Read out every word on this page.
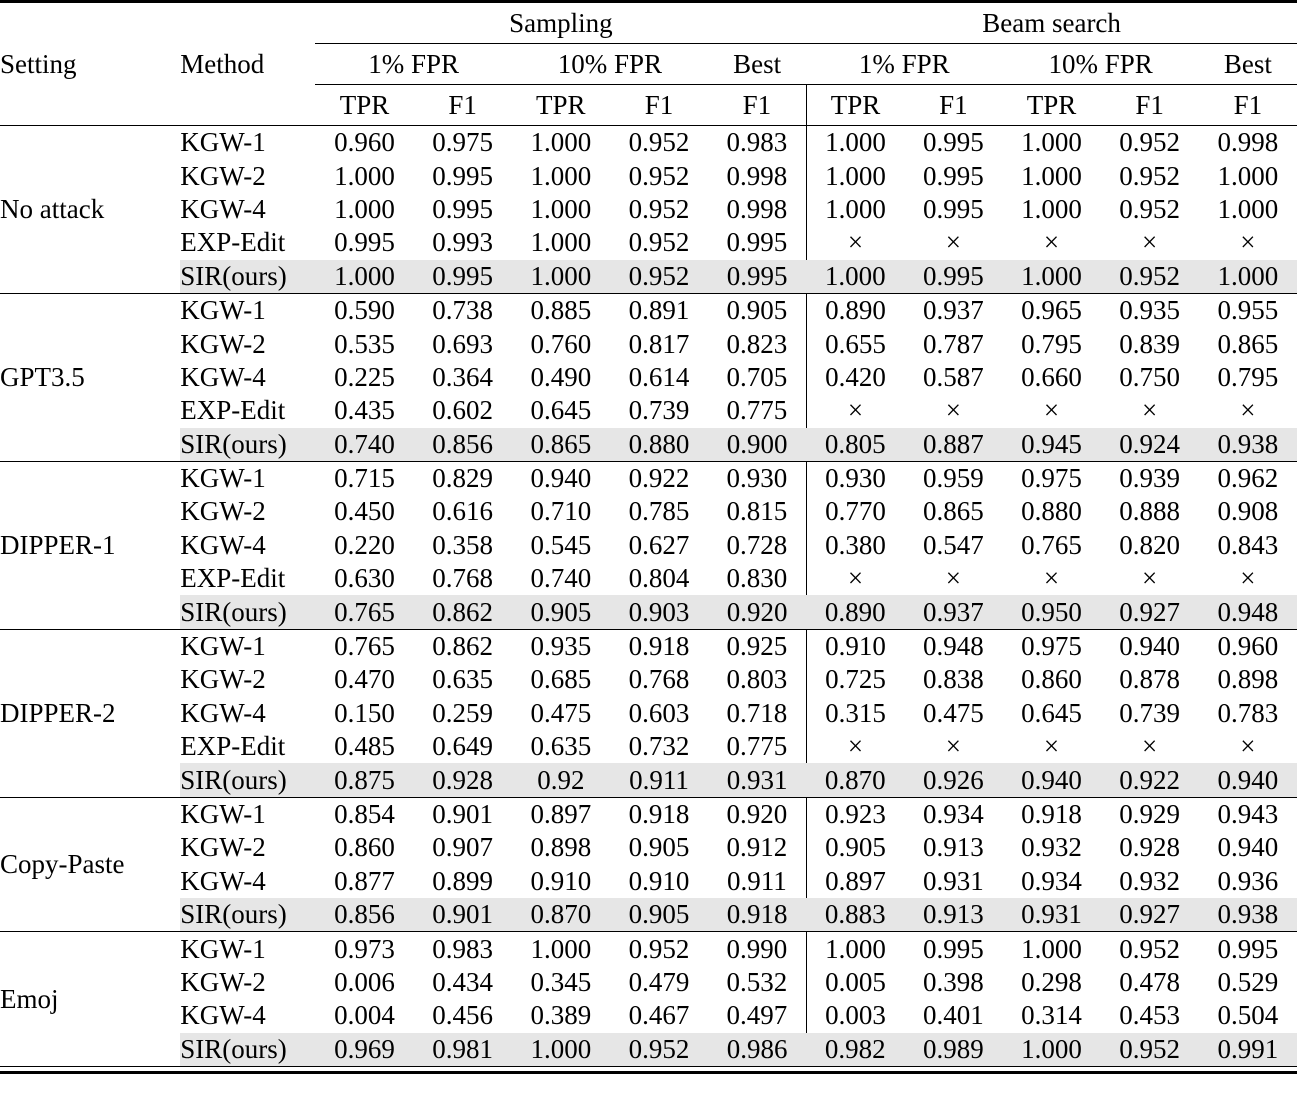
Setting	Method	Sampling					Beam search				
		1% FPR		10% FPR		Best	1% FPR		10% FPR		Best
		TPR	F1	TPR	F1	F1	TPR	F1	TPR	F1	F1

No attack	KGW-1	0.960	0.975	1.000	0.952	0.983	1.000	0.995	1.000	0.952	0.998
	KGW-2	1.000	0.995	1.000	0.952	0.998	1.000	0.995	1.000	0.952	1.000
	KGW-4	1.000	0.995	1.000	0.952	0.998	1.000	0.995	1.000	0.952	1.000
	EXP-Edit	0.995	0.993	1.000	0.952	0.995	×	×	×	×	×
	SIR(ours)	1.000	0.995	1.000	0.952	0.995	1.000	0.995	1.000	0.952	1.000

GPT3.5	KGW-1	0.590	0.738	0.885	0.891	0.905	0.890	0.937	0.965	0.935	0.955
	KGW-2	0.535	0.693	0.760	0.817	0.823	0.655	0.787	0.795	0.839	0.865
	KGW-4	0.225	0.364	0.490	0.614	0.705	0.420	0.587	0.660	0.750	0.795
	EXP-Edit	0.435	0.602	0.645	0.739	0.775	×	×	×	×	×
	SIR(ours)	0.740	0.856	0.865	0.880	0.900	0.805	0.887	0.945	0.924	0.938

DIPPER-1	KGW-1	0.715	0.829	0.940	0.922	0.930	0.930	0.959	0.975	0.939	0.962
	KGW-2	0.450	0.616	0.710	0.785	0.815	0.770	0.865	0.880	0.888	0.908
	KGW-4	0.220	0.358	0.545	0.627	0.728	0.380	0.547	0.765	0.820	0.843
	EXP-Edit	0.630	0.768	0.740	0.804	0.830	×	×	×	×	×
	SIR(ours)	0.765	0.862	0.905	0.903	0.920	0.890	0.937	0.950	0.927	0.948

DIPPER-2	KGW-1	0.765	0.862	0.935	0.918	0.925	0.910	0.948	0.975	0.940	0.960
	KGW-2	0.470	0.635	0.685	0.768	0.803	0.725	0.838	0.860	0.878	0.898
	KGW-4	0.150	0.259	0.475	0.603	0.718	0.315	0.475	0.645	0.739	0.783
	EXP-Edit	0.485	0.649	0.635	0.732	0.775	×	×	×	×	×
	SIR(ours)	0.875	0.928	0.92	0.911	0.931	0.870	0.926	0.940	0.922	0.940

Copy-Paste	KGW-1	0.854	0.901	0.897	0.918	0.920	0.923	0.934	0.918	0.929	0.943
	KGW-2	0.860	0.907	0.898	0.905	0.912	0.905	0.913	0.932	0.928	0.940
	KGW-4	0.877	0.899	0.910	0.910	0.911	0.897	0.931	0.934	0.932	0.936
	SIR(ours)	0.856	0.901	0.870	0.905	0.918	0.883	0.913	0.931	0.927	0.938

Emoj	KGW-1	0.973	0.983	1.000	0.952	0.990	1.000	0.995	1.000	0.952	0.995
	KGW-2	0.006	0.434	0.345	0.479	0.532	0.005	0.398	0.298	0.478	0.529
	KGW-4	0.004	0.456	0.389	0.467	0.497	0.003	0.401	0.314	0.453	0.504
	SIR(ours)	0.969	0.981	1.000	0.952	0.986	0.982	0.989	1.000	0.952	0.991
